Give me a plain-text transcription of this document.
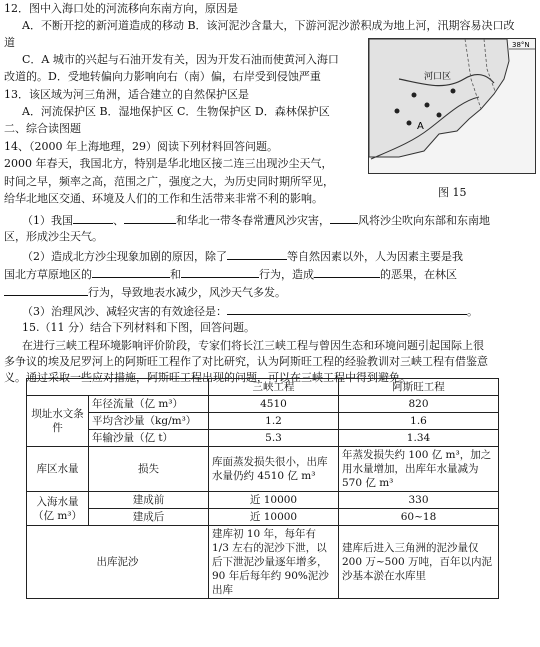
12．图中入海口处的河流移向东南方向，原因是
A．不断开挖的新河道造成的移动 B．该河泥沙含量大，下游河泥沙淤积成为地上河，汛期容易决口改
道
C．A 城市的兴起与石油开发有关，因为开发石油而使黄河入海口
改道的。D．受地转偏向力影响向右（南）偏，右岸受到侵蚀严重
13．该区域为河三角洲，适合建立的自然保护区是
A．河流保护区 B．湿地保护区 C．生物保护区 D．森林保护区
二、综合读图题
14、（2000 年上海地理，29）阅读下列材料回答问题。
2000 年春天，我国北方，特别是华北地区接二连三出现沙尘天气，
时间之早，频率之高，范围之广，强度之大，为历史同时期所罕见，
给华北地区交通、环境及人们的工作和生活带来非常不利的影响。
河口区
A
38°N
图 15
（1）我国	、	和华北一带冬春常遭风沙灾害，	风将沙尘吹向东部和东南地
区，形成沙尘天气。
（2）造成北方沙尘现象加剧的原因，除了	等自然因素以外，人为因素主要是我
国北方草原地区的	和	行为，造成	的恶果，在林区
行为，导致地表水减少，风沙天气多发。
（3）治理风沙、减轻灾害的有效途径是：	。
15.（11 分）结合下列材料和下图，回答问题。
在进行三峡工程环境影响评价阶段，专家们将长江三峡工程与曾因生态和环境问题引起国际上很
多争议的埃及尼罗河上的阿斯旺工程作了对比研究，认为阿斯旺工程的经验教训对三峡工程有借鉴意
义。通过采取一些应对措施，阿斯旺工程出现的问题，可以在三峡工程中得到避免。
		三峡工程	阿斯旺工程
坝址水文条件	年径流量（亿 m³）	4510	820
	平均含沙量（kg/m³）	1.2	1.6
	年输沙量（亿 t）	5.3	1.34
库区水量	损失	库面蒸发损失很小，出库水量仍约 4510 亿 m³	年蒸发损失约 100 亿 m³，加之用水量增加，出库年水量减为 570 亿 m³
入海水量（亿 m³）	建成前	近 10000	330
	建成后	近 10000	60~18
出库泥沙		建库初 10 年，每年有 1/3 左右的泥沙下泄，以后下泄泥沙量逐年增多，90 年后每年约 90%泥沙出库	建库后进入三角洲的泥沙量仅 200 万~500 万吨，百年以内泥沙基本淤在水库里
